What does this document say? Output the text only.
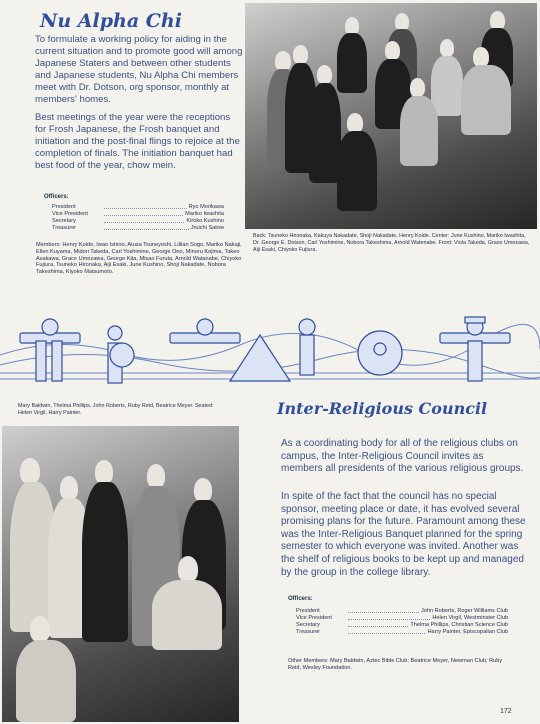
Nu Alpha Chi
To formulate a working policy for aiding in the current situation and to promote good will among Japanese Staters and between other students and Japanese students, Nu Alpha Chi members meet with Dr. Dotson, org sponsor, monthly at members' homes.
Best meetings of the year were the receptions for Frosh Japanese, the Frosh banquet and initiation and the post-final flings to rejoice at the completion of finals. The initiation banquet had best food of the year, chow mein.
Officers:
President	Ryo Morikawa
Vice President	Mariko Iwashita
Secretary	Kiroko Kushino
Treasurer	Jruichi Satow
Members: Henry Koide, Iwao Ishino, Atusa Tsuneyoshi, Lillian Sogo, Mariko Nakaji, Ellen Kuyama, Midori Takeda, Carl Yoshimine, George Ono, Minoru Kojima, Takeo Asakawa, Grace Umezawa, George Kita, Misao Furuta, Arnold Watanabe, Chiyoko Fujiura, Tsuneko Hironaka, Aiji Esaki, June Kushino, Shoji Nakadate, Nobora Takeshima, Kiyoko Matsumoto.
Back: Tsuneko Hironaka, Kakuya Nakadate, Shoji Nakadate, Henry Koide. Center: June Kushino, Mariko Iwashita, Dr. George E. Dotson, Carl Yoshimine, Nobora Takeshima, Arnold Watenabe. Front: Viola Takeda, Grace Umezawa, Aiji Esaki, Chiyoko Fujiura.
Mary Baldwin, Thelma Phillips, John Roberts, Ruby Reid, Beatrice Meyer. Seated: Helen Virgil, Harry Painter.	Inter-Religious Council
As a coordinating body for all of the religious clubs on campus, the Inter-Religious Council invites as members all presidents of the various religious groups.
In spite of the fact that the council has no special sponsor, meeting place or date, it has evolved several promising plans for the future. Paramount among these was the Inter-Religious Banquet planned for the spring semester to which everyone was invited. Another was the shelf of religious books to be kept up and managed by the group in the college library.
Officers:
President	John Roberts, Roger Williams Club
Vice President	Helen Virgil, Westminster Club
Secretary	Thelma Phillips, Christian Science Club
Treasurer	Harry Painter, Episcopalian Club
Other Members: Mary Baldwin, Aztec Bible Club; Beatrice Meyer, Newman Club; Ruby Reid, Wesley Foundation.
172
